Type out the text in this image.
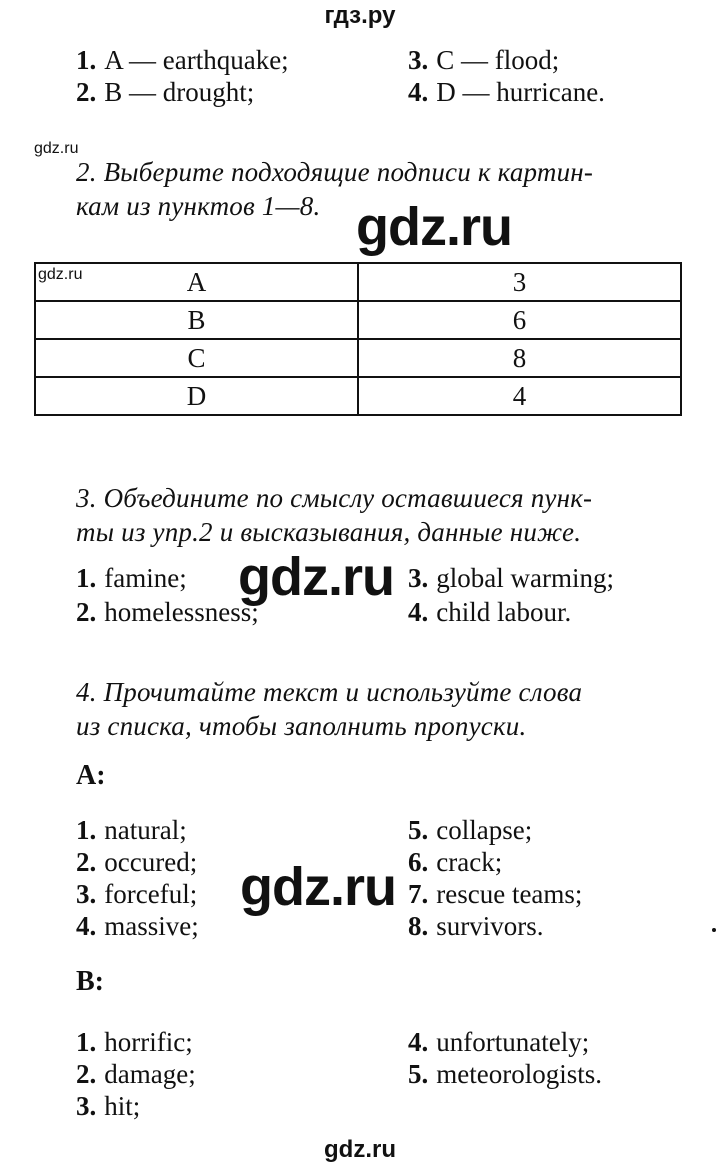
гдз.ру
1. A — earthquake;	3. C — flood;
2. B — drought;	4. D — hurricane.
gdz.ru
2. Выберите подходящие подписи к картин-
кам из пунктов 1—8. gdz.ru
gdz.ru A	3
B	6
C	8
D	4
3. Объедините по смыслу оставшиеся пунк-
ты из упр.2 и высказывания, данные ниже.
1. famine;	3. global warming;
2. homelessness;	4. child labour.
gdz.ru
4. Прочитайте текст и используйте слова
из списка, чтобы заполнить пропуски.
A:
1. natural;	5. collapse;
2. occured;	6. crack;
3. forceful;	7. rescue teams;
4. massive;	8. survivors.
gdz.ru
B:
1. horrific;	4. unfortunately;
2. damage;	5. meteorologists.
3. hit;
gdz.ru
